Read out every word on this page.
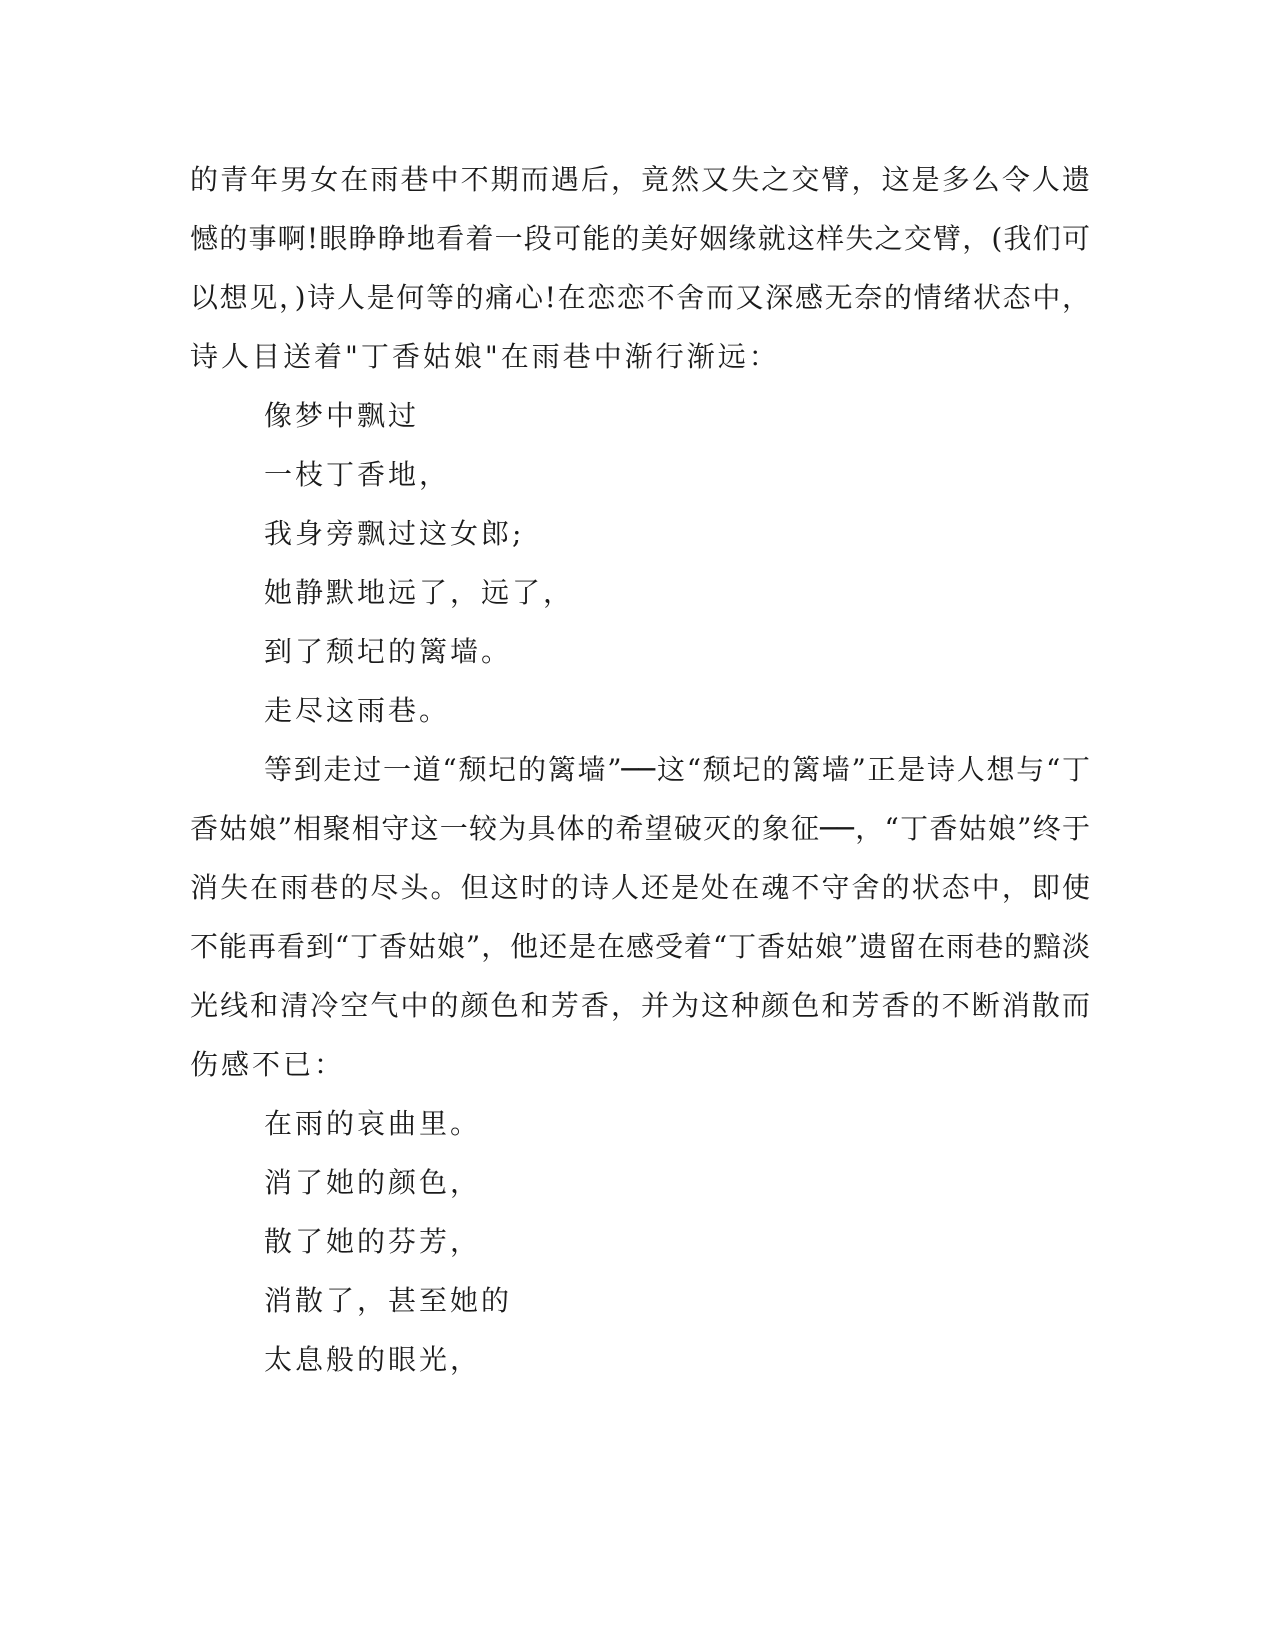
的青年男女在雨巷中不期而遇后，竟然又失之交臂，这是多么令人遗
憾的事啊!眼睁睁地看着一段可能的美好姻缘就这样失之交臂，(我们可
以想见，)诗人是何等的痛心!在恋恋不舍而又深感无奈的情绪状态中，
诗人目送着"丁香姑娘"在雨巷中渐行渐远：
像梦中飘过
一枝丁香地，
我身旁飘过这女郎;
她静默地远了，远了，
到了颓圮的篱墙。
走尽这雨巷。
等到走过一道“颓圮的篱墙”──这“颓圮的篱墙”正是诗人想与“丁
香姑娘”相聚相守这一较为具体的希望破灭的象征──，“丁香姑娘”终于
消失在雨巷的尽头。但这时的诗人还是处在魂不守舍的状态中，即使
不能再看到“丁香姑娘”，他还是在感受着“丁香姑娘”遗留在雨巷的黯淡
光线和清冷空气中的颜色和芳香，并为这种颜色和芳香的不断消散而
伤感不已：
在雨的哀曲里。
消了她的颜色，
散了她的芬芳，
消散了，甚至她的
太息般的眼光，
